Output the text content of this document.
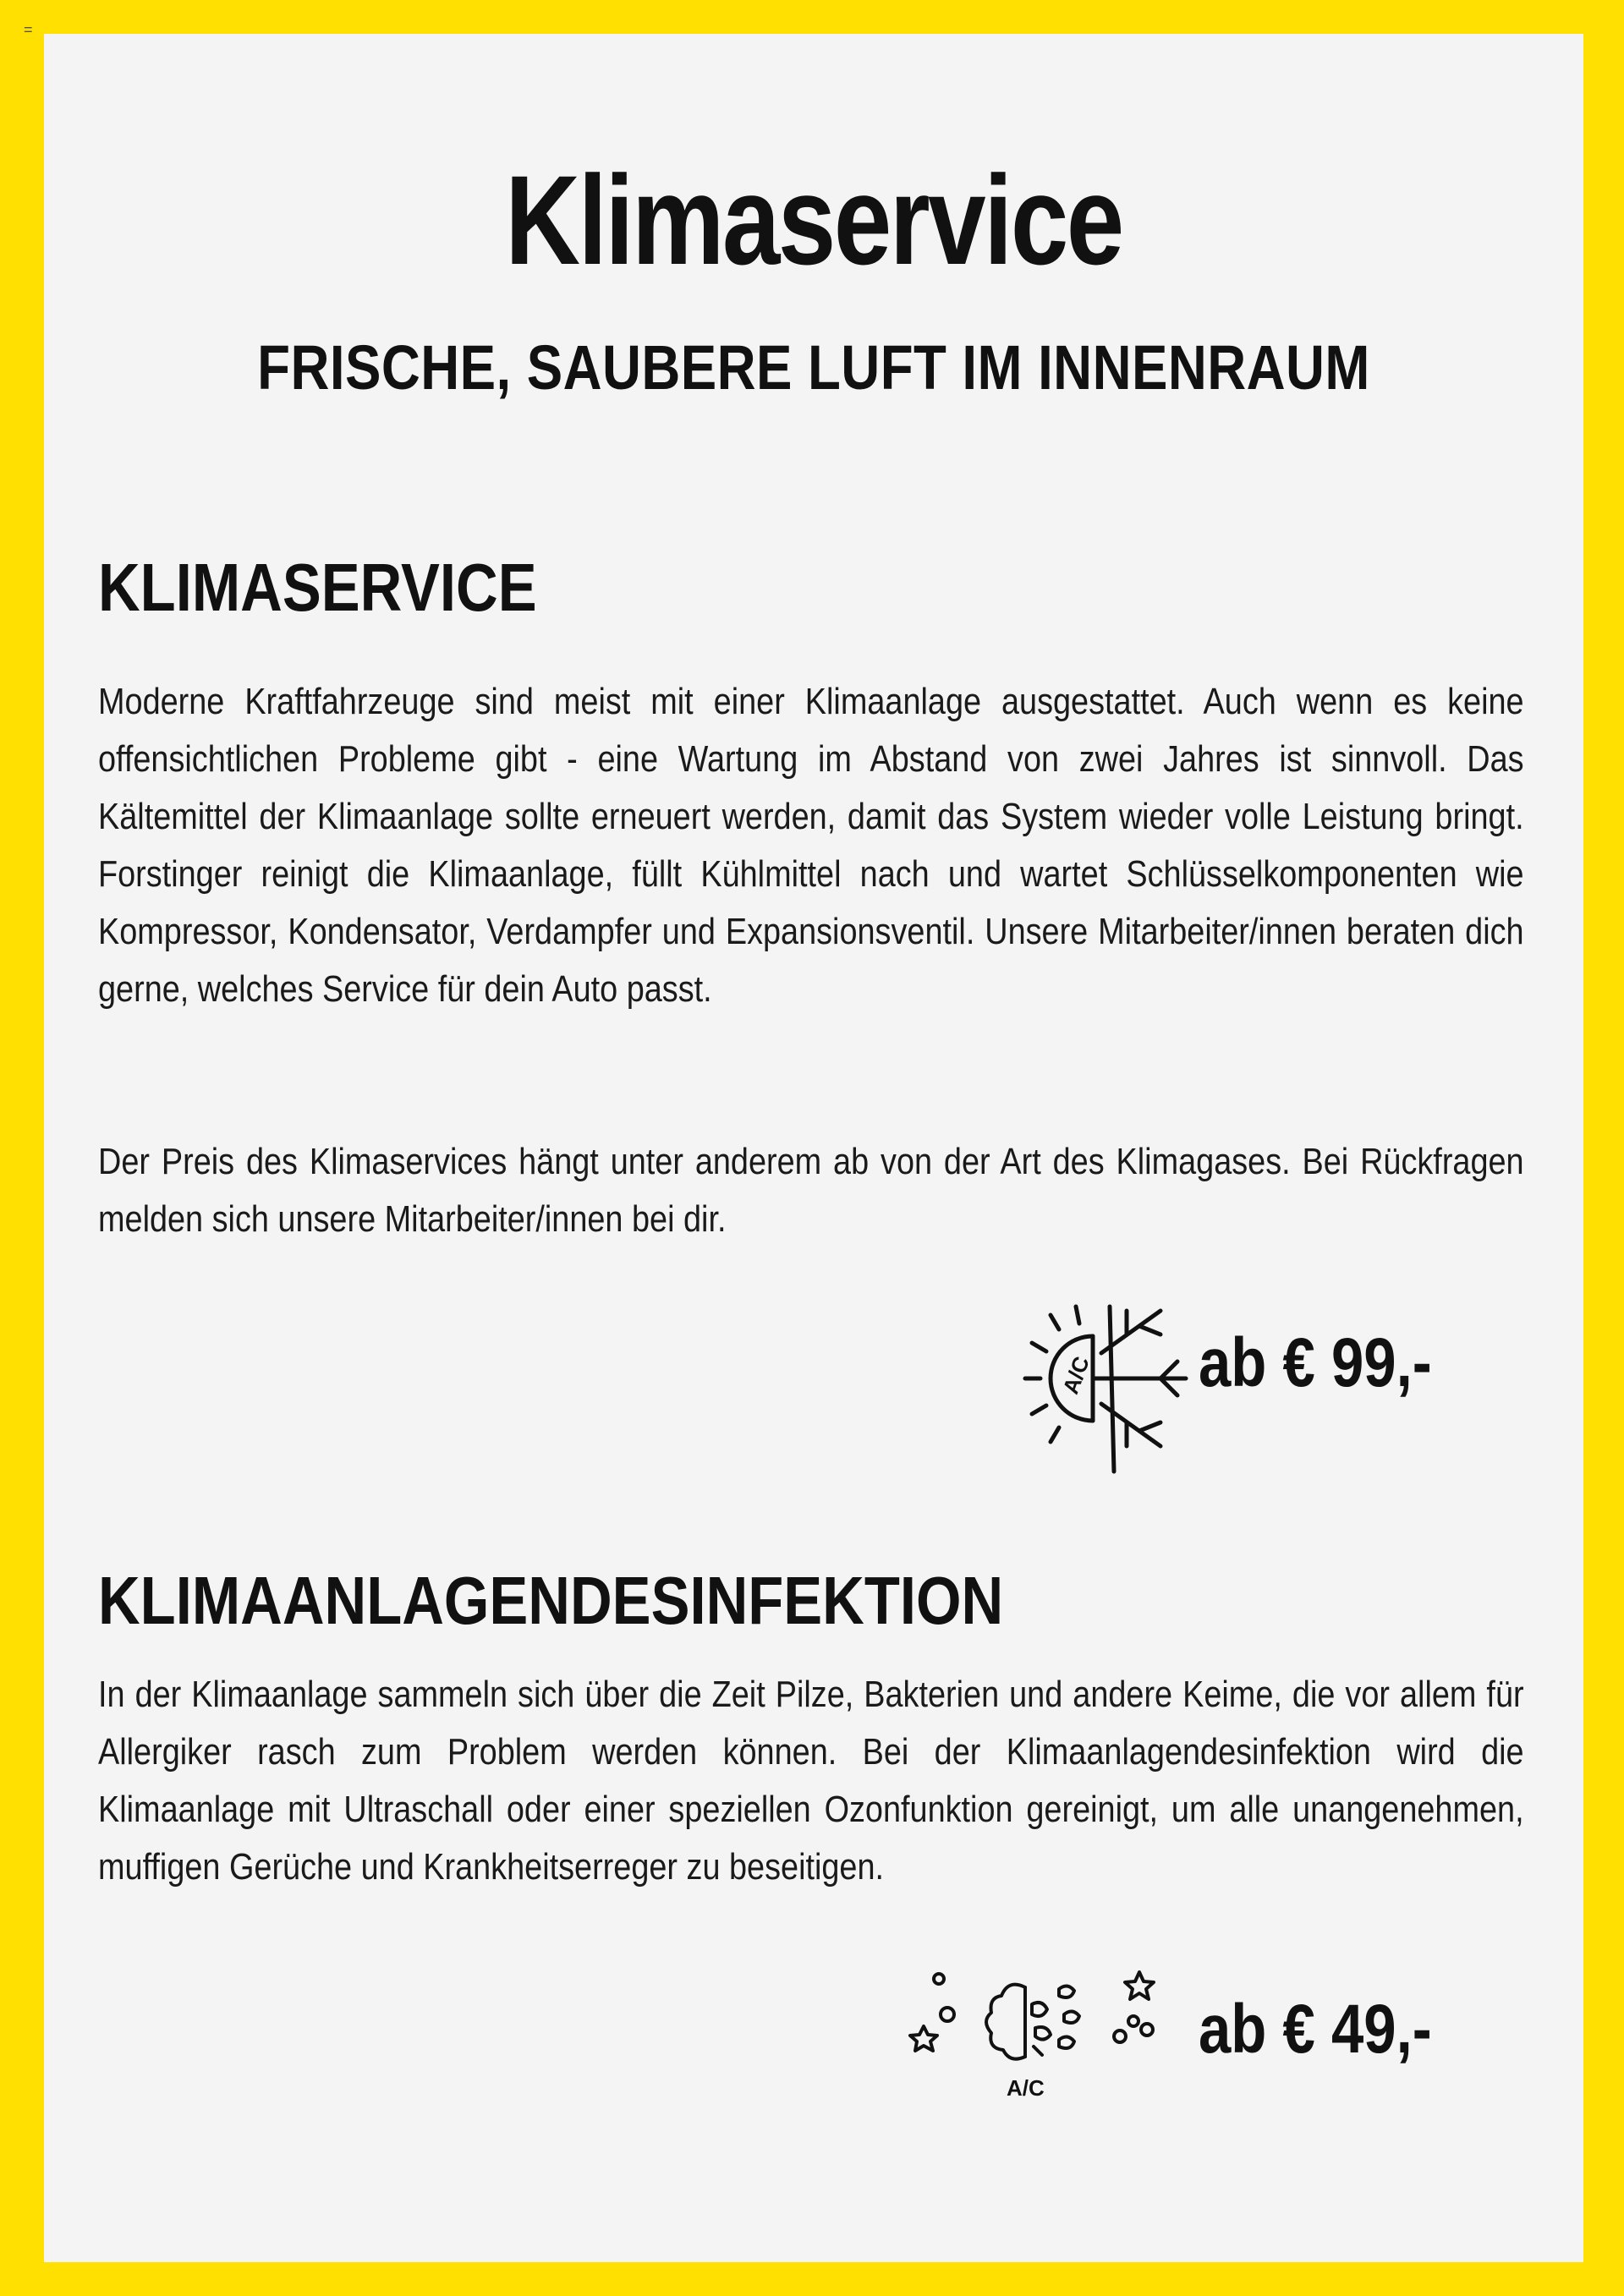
=
Klimaservice
FRISCHE, SAUBERE LUFT IM INNENRAUM
KLIMASERVICE

Moderne Kraftfahrzeuge sind meist mit einer Klimaanlage ausgestattet. Auch wenn es keine offensichtlichen Probleme gibt - eine Wartung im Abstand von zwei Jahres ist sinnvoll. Das Kältemittel der Klimaanlage sollte erneuert werden, damit das System wieder volle Leistung bringt. Forstinger reinigt die Klimaanlage, füllt Kühlmittel nach und wartet Schlüsselkomponenten wie Kompressor, Kondensator, Verdampfer und Expansionsventil. Unsere Mitarbeiter/innen beraten dich gerne, welches Service für dein Auto passt.

Der Preis des Klimaservices hängt unter anderem ab von der Art des Klimagases. Bei Rückfragen melden sich unsere Mitarbeiter/innen bei dir.

A/C ab € 99,-
KLIMAANLAGENDESINFEKTION

In der Klimaanlage sammeln sich über die Zeit Pilze, Bakterien und andere Keime, die vor allem für Allergiker rasch zum Problem werden können. Bei der Klimaanlagendesinfektion wird die Klimaanlage mit Ultraschall oder einer speziellen Ozonfunktion gereinigt, um alle unangenehmen, muffigen Gerüche und Krankheitserreger zu beseitigen.

A/C
ab € 49,-
